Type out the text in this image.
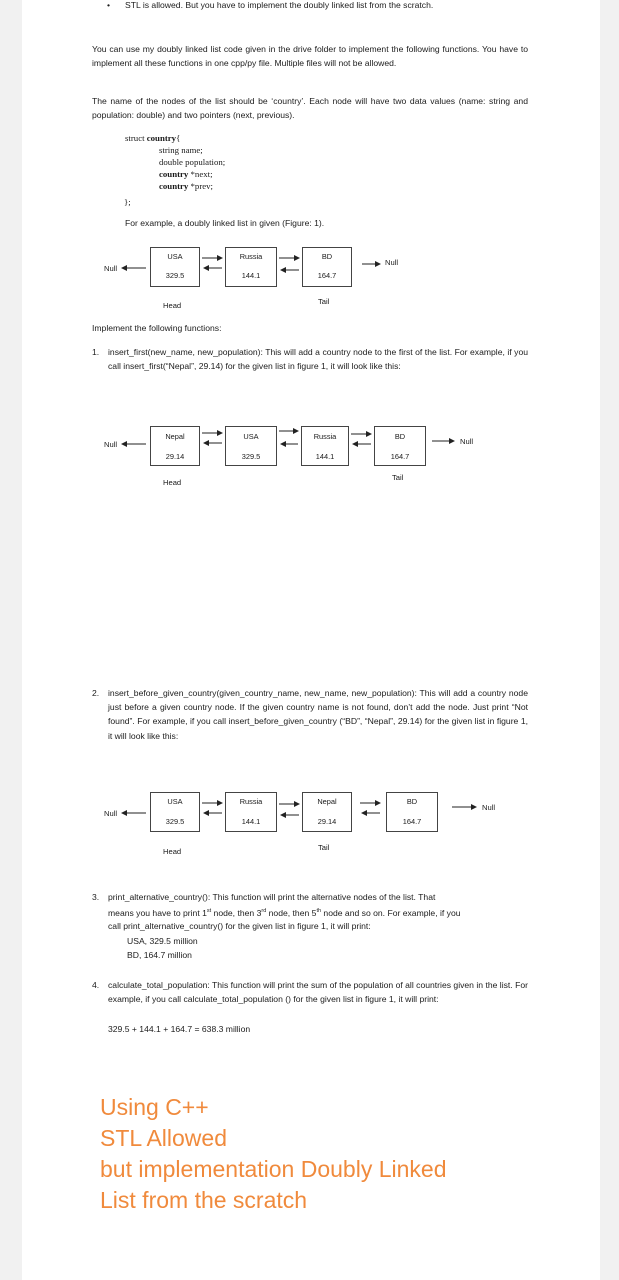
• STL is allowed. But you have to implement the doubly linked list from the scratch.
You can use my doubly linked list code given in the drive folder to implement the following functions. You have to implement all these functions in one cpp/py file. Multiple files will not be allowed.
The name of the nodes of the list should be ‘country’. Each node will have two data values (name: string and population: double) and two pointers (next, previous).
struct country{
string name;
double population;
country *next;
country *prev;
};
For example, a doubly linked list in given (Figure: 1).
Null
USA
329.5
Russia
144.1
BD
164.7
Null
Head	Tail
Implement the following functions:
1. insert_first(new_name, new_population): This will add a country node to the first of the list. For example, if you call insert_first(“Nepal”, 29.14) for the given list in figure 1, it will look like this:
Null
Nepal
29.14
USA
329.5
Russia
144.1
BD
164.7
Null
Head
Tail
2. insert_before_given_country(given_country_name, new_name, new_population): This will add a country node just before a given country node. If the given country name is not found, don’t add the node. Just print “Not found”. For example, if you call insert_before_given_country (“BD”, “Nepal”, 29.14) for the given list in figure 1, it will look like this:
Null
USA
329.5
Russia
144.1
Nepal
29.14
BD
164.7
Null
Head	Tail
3. print_alternative_country(): This function will print the alternative nodes of the list. That
means you have to print 1st node, then 3rd node, then 5th node and so on. For example, if you
call print_alternative_country() for the given list in figure 1, it will print:
USA, 329.5 million
BD, 164.7 million
4. calculate_total_population: This function will print the sum of the population of all countries given in the list. For example, if you call calculate_total_population () for the given list in figure 1, it will print:
329.5 + 144.1 + 164.7 = 638.3 million
Using C++
STL Allowed
but implementation Doubly Linked
List from the scratch
